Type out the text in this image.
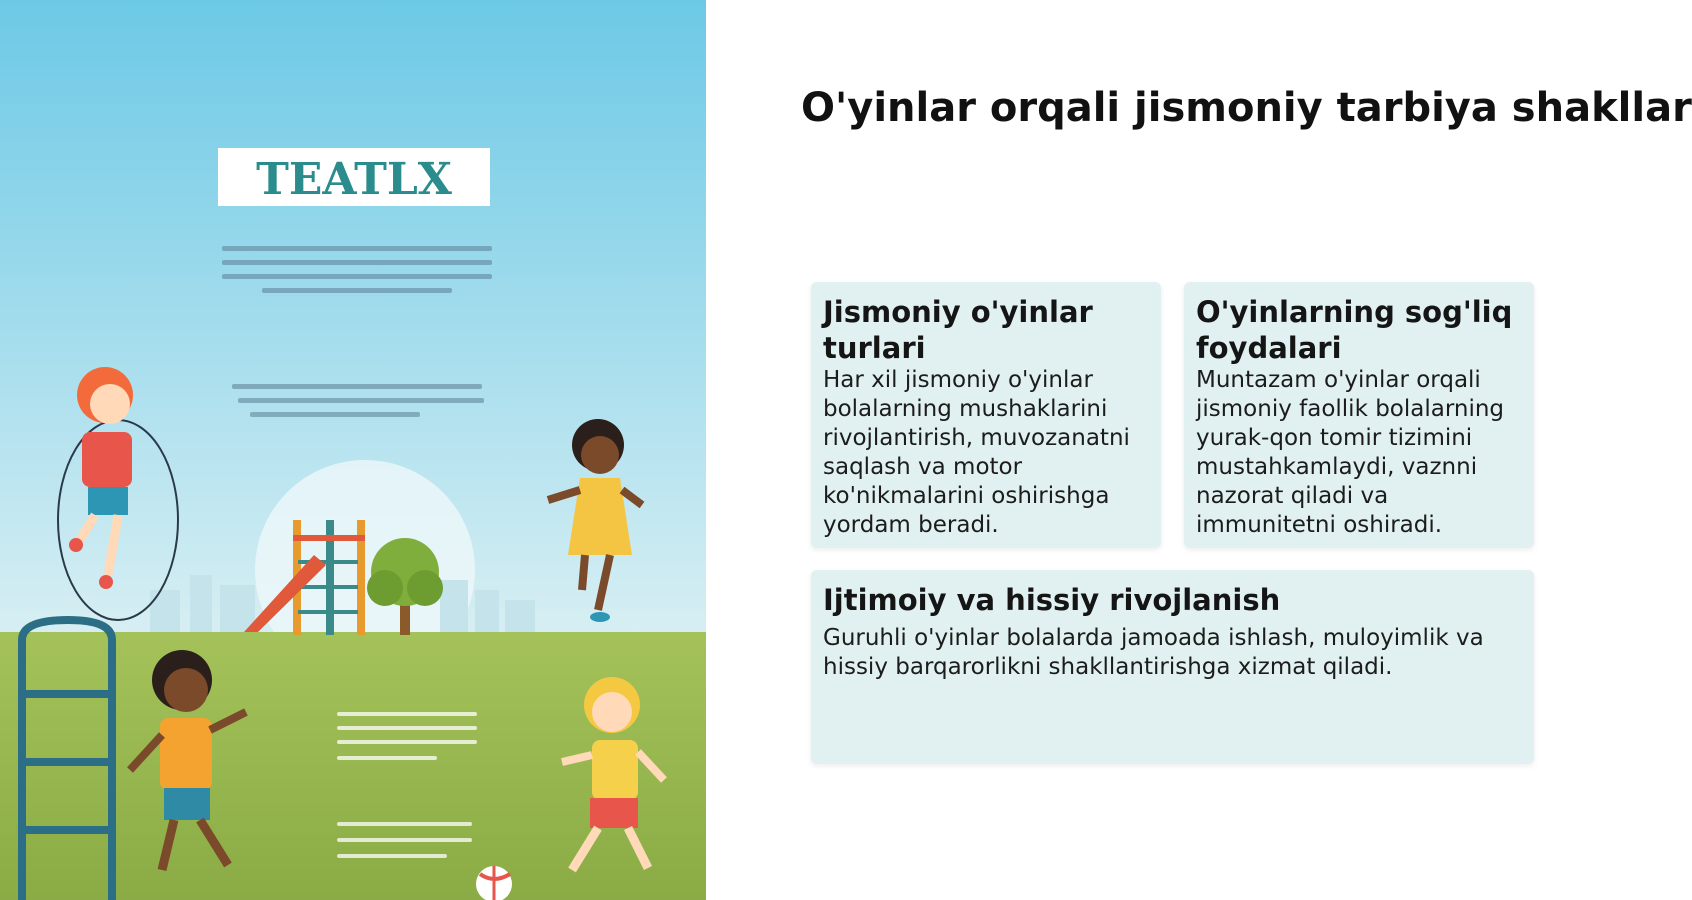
TEATLX
O'yinlar orqali jismoniy tarbiya shakllar
Jismoniy o'yinlar turlari

Har xil jismoniy o'yinlar bolalarning mushaklarini rivojlantirish, muvozanatni saqlash va motor ko'nikmalarini oshirishga yordam beradi.

O'yinlarning sog'liq foydalari

Muntazam o'yinlar orqali jismoniy faollik bolalarning yurak-qon tomir tizimini mustahkamlaydi, vaznni nazorat qiladi va immunitetni oshiradi.

Ijtimoiy va hissiy rivojlanish

Guruhli o'yinlar bolalarda jamoada ishlash, muloyimlik va hissiy barqarorlikni shakllantirishga xizmat qiladi.
